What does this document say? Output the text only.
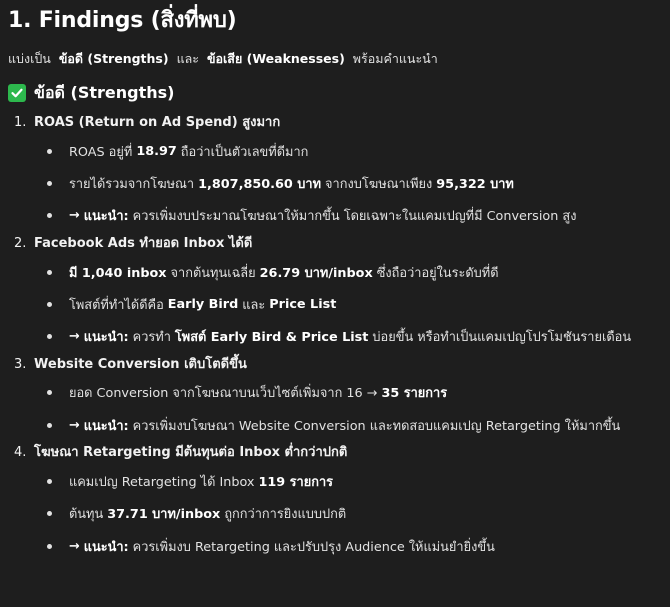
1. Findings (สิ่งที่พบ)
แบ่งเป็น ข้อดี (Strengths) และ ข้อเสีย (Weaknesses) พร้อมคำแนะนำ
ข้อดี (Strengths)
1. ROAS (Return on Ad Spend) สูงมาก
ROAS อยู่ที่ 18.97 ถือว่าเป็นตัวเลขที่ดีมาก
รายได้รวมจากโฆษณา 1,807,850.60 บาท จากงบโฆษณาเพียง 95,322 บาท
→ แนะนำ: ควรเพิ่มงบประมาณโฆษณาให้มากขึ้น โดยเฉพาะในแคมเปญที่มี Conversion สูง
2. Facebook Ads ทำยอด Inbox ได้ดี
มี 1,040 inbox จากต้นทุนเฉลี่ย 26.79 บาท/inbox ซึ่งถือว่าอยู่ในระดับที่ดี
โพสต์ที่ทำได้ดีคือ Early Bird และ Price List
→ แนะนำ: ควรทำ โพสต์ Early Bird & Price List บ่อยขึ้น หรือทำเป็นแคมเปญโปรโมชันรายเดือน
3. Website Conversion เติบโตดีขึ้น
ยอด Conversion จากโฆษณาบนเว็บไซต์เพิ่มจาก 16 → 35 รายการ
→ แนะนำ: ควรเพิ่มงบโฆษณา Website Conversion และทดสอบแคมเปญ Retargeting ให้มากขึ้น
4. โฆษณา Retargeting มีต้นทุนต่อ Inbox ต่ำกว่าปกติ
แคมเปญ Retargeting ได้ Inbox 119 รายการ
ต้นทุน 37.71 บาท/inbox ถูกกว่าการยิงแบบปกติ
→ แนะนำ: ควรเพิ่มงบ Retargeting และปรับปรุง Audience ให้แม่นยำยิ่งขึ้น
